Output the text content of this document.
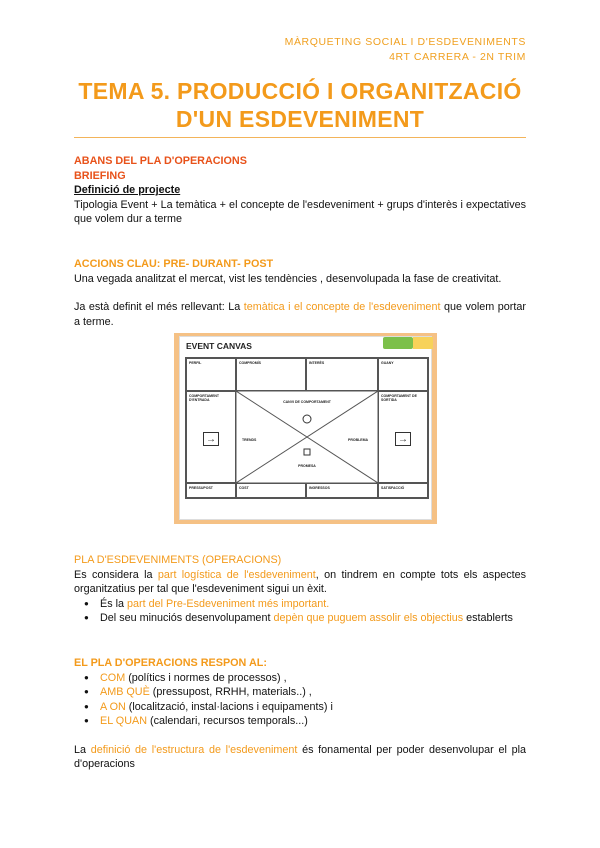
MÀRQUETING SOCIAL I D'ESDEVENIMENTS
4RT CARRERA - 2N TRIM
TEMA 5. PRODUCCIÓ I ORGANITZACIÓ
D'UN ESDEVENIMENT
ABANS DEL PLA D'OPERACIONS
BRIEFING
Definició de projecte
Tipologia Event + La temàtica + el concepte de l'esdeveniment + grups d'interès i expectatives que volem dur a terme
ACCIONS CLAU: PRE- DURANT- POST
Una vegada analitzat el mercat, vist les tendències , desenvolupada la fase de creativitat.
Ja està definit el més rellevant: La temàtica i el concepte de l'esdeveniment que volem portar a terme.
EVENT CANVAS
PERFIL	COMPROMÍS	INTERÈS	GUANY
COMPORTAMENT D'ENTRADA
→
COMPORTAMENT DE SORTIDA
→
CANVI DE COMPORTAMENT
TRENDS	PROBLEMA
PROMESA
PRESSUPOST	COST	INGRESSOS	SATISFACCIÓ
PLA D'ESDEVENIMENTS (OPERACIONS)
Es considera la part logística de l'esdeveniment, on tindrem en compte tots els aspectes organitzatius per tal que l'esdeveniment sigui un èxit.
● És la part del Pre-Esdeveniment més important.
● Del seu minuciós desenvolupament depèn que puguem assolir els objectius establerts
EL PLA D'OPERACIONS RESPON AL:
● COM (polítics i normes de processos) ,
● AMB QUÈ (pressupost, RRHH, materials..) ,
● A ON (localització, instal·lacions i equipaments) i
● EL QUAN (calendari, recursos temporals...)
La definició de l'estructura de l'esdeveniment és fonamental per poder desenvolupar el pla d'operacions
